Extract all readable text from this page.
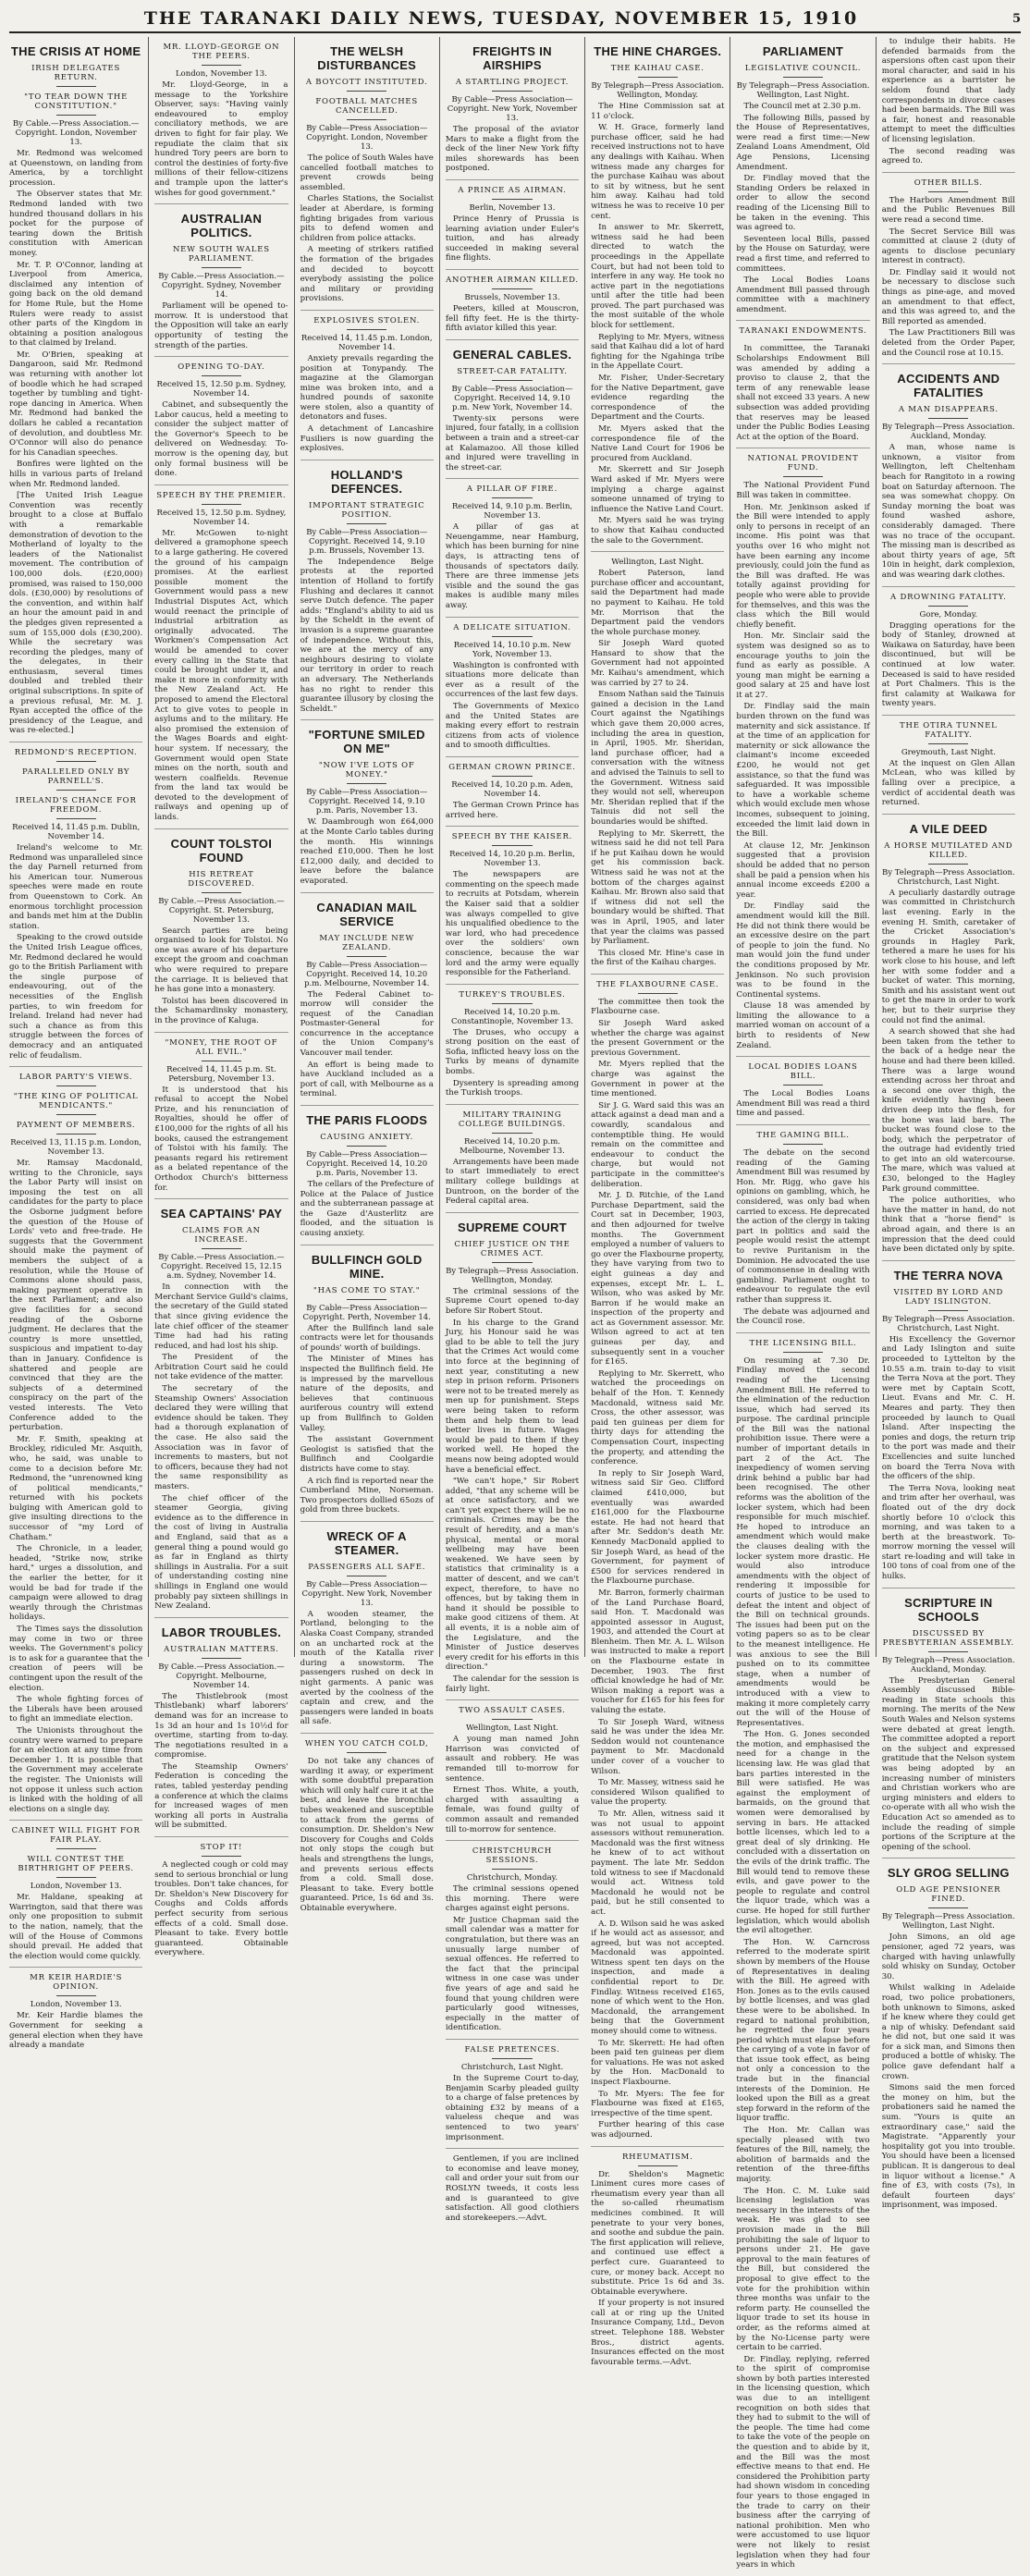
THE TARANAKI DAILY NEWS, TUESDAY, NOVEMBER 15, 1910	5
THE CRISIS AT HOME
IRISH DELEGATES RETURN.
"TO TEAR DOWN THE CONSTITUTION."
By Cable.—Press Association.—Copyright. London, November 13.

Mr. Redmond was welcomed at Queenstown, on landing from America, by a torchlight procession.

The Observer states that Mr. Redmond landed with two hundred thousand dollars in his pocket for the purpose of tearing down the British constitution with American money.

Mr. T. P. O'Connor, landing at Liverpool from America, disclaimed any intention of going back on the old demand for Home Rule, but the Home Rulers were ready to assist other parts of the Kingdom in obtaining a position analogous to that claimed by Ireland.

Mr. O'Brien, speaking at Dangaroon, said Mr. Redmond was returning with another lot of boodle which he had scraped together by tumbling and tight-rope dancing in America. When Mr. Redmond had banked the dollars he cabled a recantation of devolution, and doubtless Mr. O'Connor will also do penance for his Canadian speeches.

Bonfires were lighted on the hills in various parts of Ireland when Mr. Redmond landed.

[The United Irish League Convention was recently brought to a close at Buffalo with a remarkable demonstration of devotion to the Motherland of loyalty to the leaders of the Nationalist movement. The contribution of 100,000 dols. (£20,000) promised, was raised to 150,000 dols. (£30,000) by resolutions of the convention, and within half an hour the amount paid in and the pledges given represented a sum of 155,000 dols (£30,200). While the secretary was recording the pledges, many of the delegates, in their enthusiasm, several times doubled and trebled their original subscriptions. In spite of a previous refusal, Mr. M. J. Ryan accepted the office of the presidency of the League, and was re-elected.]

REDMOND'S RECEPTION.
PARALLELED ONLY BY PARNELL'S.
IRELAND'S CHANCE FOR FREEDOM.
Received 14, 11.45 p.m. Dublin, November 14.

Ireland's welcome to Mr. Redmond was unparalleled since the day Parnell returned from his American tour. Numerous speeches were made en route from Queenstown to Cork. An enormous torchlight procession and bands met him at the Dublin station.

Speaking to the crowd outside the United Irish League offices, Mr. Redmond declared he would go to the British Parliament with the single purpose of endeavouring, out of the necessities of the English parties, to win freedom for Ireland. Ireland had never had such a chance as from this struggle between the forces of democracy and an antiquated relic of feudalism.

LABOR PARTY'S VIEWS.
"THE KING OF POLITICAL MENDICANTS."
PAYMENT OF MEMBERS.
Received 13, 11.15 p.m. London, November 13.

Mr. Ramsay Macdonald, writing to the Chronicle, says the Labor Party will insist on imposing the test on all candidates for the party to place the Osborne judgment before the question of the House of Lords' veto and free-trade. He suggests that the Government should make the payment of members the subject of a resolution, while the House of Commons alone should pass, making payment operative in the next Parliament; and also give facilities for a second reading of the Osborne judgment. He declares that the country is more unsettled, suspicious and impatient to-day than in January. Confidence is shattered and people are convinced that they are the subjects of a determined conspiracy on the part of the vested interests. The Veto Conference added to the perturbation.

Mr. F. Smith, speaking at Brockley, ridiculed Mr. Asquith, who, he said, was unable to come to a decision before Mr. Redmond, the "unrenowned king of political mendicants," returned with his pockets bulging with American gold to give insulting directions to the successor of "my Lord of Chatham."

The Chronicle, in a leader, headed, "Strike now, strike hard," urges a dissolution, and the earlier the better, for it would be bad for trade if the campaign were allowed to drag wearily through the Christmas holidays.

The Times says the dissolution may come in two or three weeks. The Government's policy is to ask for a guarantee that the creation of peers will be contingent upon the result of the election.

The whole fighting forces of the Liberals have been aroused to fight an immediate election.

The Unionists throughout the country were warned to prepare for an election at any time from December 1. It is possible that the Government may accelerate the register. The Unionists will not oppose it unless such action is linked with the holding of all elections on a single day.

CABINET WILL FIGHT FOR FAIR PLAY.
WILL CONTEST THE BIRTHRIGHT OF PEERS.
London, November 13.

Mr. Haldane, speaking at Warrington, said that there was only one proposition to submit to the nation, namely, that the will of the House of Commons should prevail. He added that the election would come quickly.

MR KEIR HARDIE'S OPINION.
London, November 13.

Mr. Keir Hardie blames the Government for seeking a general election when they have already a mandate

MR. LLOYD-GEORGE ON THE PEERS.
London, November 13.

Mr. Lloyd-George, in a message to the Yorkshire Observer, says: "Having vainly endeavoured to employ conciliatory methods, we are driven to fight for fair play. We repudiate the claim that six hundred Tory peers are born to control the destinies of forty-five millions of their fellow-citizens and trample upon the latter's wishes for good government."

AUSTRALIAN POLITICS.
NEW SOUTH WALES PARLIAMENT.
By Cable.—Press Association.—Copyright. Sydney, November 14.

Parliament will be opened to-morrow. It is understood that the Opposition will take an early opportunity of testing the strength of the parties.

OPENING TO-DAY.
Received 15, 12.50 p.m. Sydney, November 14.

Cabinet, and subsequently the Labor caucus, held a meeting to consider the subject matter of the Governor's Speech to be delivered on Wednesday. To-morrow is the opening day, but only formal business will be done.

SPEECH BY THE PREMIER.
Received 15, 12.50 p.m. Sydney, November 14.

Mr. McGowen to-night delivered a gramophone speech to a large gathering. He covered the ground of his campaign promises. At the earliest possible moment the Government would pass a new Industrial Disputes Act, which would reenact the principle of industrial arbitration as originally advocated. The Workmen's Compensation Act would be amended to cover every calling in the State that could be brought under it, and make it more in conformity with the New Zealand Act. He proposed to amend the Electoral Act to give votes to people in asylums and to the military. He also promised the extension of the Wages Boards and eight-hour system. If necessary, the Government would open State mines on the north, south and western coalfields. Revenue from the land tax would be devoted to the development of railways and opening up of lands.

COUNT TOLSTOI FOUND
HIS RETREAT DISCOVERED.
By Cable.—Press Association.—Copyright. St. Petersburg, November 13.

Search parties are being organised to look for Tolstoi. No one was aware of his departure except the groom and coachman who were required to prepare the carriage. It is believed that he has gone into a monastery.

Tolstoi has been discovered in the Schamardinsky monastery, in the province of Kaluga.

"MONEY, THE ROOT OF ALL EVIL."
Received 14, 11.45 p.m. St. Petersburg, November 13.

It is understood that his refusal to accept the Nobel Prize, and his renunciation of Royalties, should he offer of £100,000 for the rights of all his books, caused the estrangement of Tolstoi with his family. The peasants regard his retirement as a belated repentance of the Orthodox Church's bitterness for.

SEA CAPTAINS' PAY
CLAIMS FOR AN INCREASE.
By Cable.—Press Association.—Copyright. Received 15, 12.15 a.m. Sydney, November 14.

In connection with the Merchant Service Guild's claims, the secretary of the Guild stated that since giving evidence the late chief officer of the steamer Time had had his rating reduced, and had lost his ship.

The President of the Arbitration Court said he could not take evidence of the matter.

The secretary of the Steamship Owners' Association declared they were willing that evidence should be taken. They had a thorough explanation of the case. He also said the Association was in favor of increments to masters, but not to officers, because they had not the same responsibility as masters.

The chief officer of the steamer Georgia, giving evidence as to the difference in the cost of living in Australia and England, said that as a general thing a pound would go as far in England as thirty shillings in Australia. For a suit of understanding costing nine shillings in England one would probably pay sixteen shillings in New Zealand.

LABOR TROUBLES.
AUSTRALIAN MATTERS.
By Cable.—Press Association.—Copyright. Melbourne, November 14.

The Thistlebrook (most Thistlebank) wharf laborers' demand was for an increase to 1s 3d an hour and 1s 10½d for overtime, starting from to-day. The negotiations resulted in a compromise.

The Steamship Owners' Federation is conceding the rates, tabled yesterday pending a conference at which the claims for increased wages of men working all ports in Australia will be submitted.

STOP IT!

A neglected cough or cold may send to serious bronchial or lung troubles. Don't take chances, for Dr. Sheldon's New Discovery for Coughs and Colds affords perfect security from serious effects of a cold. Small dose. Pleasant to take. Every bottle guaranteed. Obtainable everywhere.

THE WELSH DISTURBANCES
A BOYCOTT INSTITUTED.
FOOTBALL MATCHES CANCELLED.
By Cable—Press Association—Copyright. London, November 13.

The police of South Wales have cancelled football matches to prevent crowds being assembled.

Charles Stations, the Socialist leader at Aberdare, is forming fighting brigades from various pits to defend women and children from police attacks.

A meeting of strikers ratified the formation of the brigades and decided to boycott everybody assisting the police and military or providing provisions.

EXPLOSIVES STOLEN.
Received 14, 11.45 p.m. London, November 14.

Anxiety prevails regarding the position at Tonypandy. The magazine at the Glamorgan mine was broken into, and a hundred pounds of saxonite were stolen, also a quantity of detonators and fuses.

A detachment of Lancashire Fusiliers is now guarding the explosives.

HOLLAND'S DEFENCES.
IMPORTANT STRATEGIC POSITION.
By Cable—Press Association—Copyright. Received 14, 9.10 p.m. Brussels, November 13.

The Independence Belge protests at the reported intention of Holland to fortify Flushing and declares it cannot serve Dutch defence. The paper adds: "England's ability to aid us by the Scheldt in the event of invasion is a supreme guarantee of independence. Without this, we are at the mercy of any neighbours desiring to violate our territory in order to reach an adversary. The Netherlands has no right to render this guarantee illusory by closing the Scheldt."

"FORTUNE SMILED ON ME"
"NOW I'VE LOTS OF MONEY."
By Cable—Press Association—Copyright. Received 14, 9.10 p.m. Paris, November 13.

W. Daambrough won £64,000 at the Monte Carlo tables during the month. His winnings reached £10,000. Then he lost £12,000 daily, and decided to leave before the balance evaporated.

CANADIAN MAIL SERVICE
MAY INCLUDE NEW ZEALAND.
By Cable—Press Association—Copyright. Received 14, 10.20 p.m. Melbourne, November 14.

The Federal Cabinet to-morrow will consider the request of the Canadian Postmaster-General for concurrence in the acceptance of the Union Company's Vancouver mail tender.

An effort is being made to have Auckland included as a port of call, with Melbourne as a terminal.

THE PARIS FLOODS
CAUSING ANXIETY.
By Cable—Press Association—Copyright. Received 14, 10.20 p.m. Paris, November 13.

The cellars of the Prefecture of Police at the Palace of Justice and the subterranean passage at the Gaze d'Austerlitz are flooded, and the situation is causing anxiety.

BULLFINCH GOLD MINE.
"HAS COME TO STAY."
By Cable—Press Association—Copyright. Perth, November 14.

After the Bullfinch land sale contracts were let for thousands of pounds' worth of buildings.

The Minister of Mines has inspected the Bullfinch field. He is impressed by the marvellous nature of the deposits, and believes that continuous auriferous country will extend up from Bullfinch to Golden Valley.

The assistant Government Geologist is satisfied that the Bullfinch and Coolgardie districts have come to stay.

A rich find is reported near the Cumberland Mine, Norseman. Two prospectors dollied 65ozs of gold from three buckets.

WRECK OF A STEAMER.
PASSENGERS ALL SAFE.
By Cable—Press Association—Copyright. New York, November 13.

A wooden steamer, the Portland, belonging to the Alaska Coast Company, stranded on an uncharted rock at the mouth of the Katalla river during a snowstorm. The passengers rushed on deck in night garments. A panic was averted by the coolness of the captain and crew, and the passengers were landed in boats all safe.

WHEN YOU CATCH COLD,

Do not take any chances of warding it away, or experiment with some doubtful preparation which will only half cure it at the best, and leave the bronchial tubes weakened and susceptible to attack from the germs of consumption. Dr. Sheldon's New Discovery for Coughs and Colds not only stops the cough but heals and strengthens the lungs, and prevents serious effects from a cold. Small dose. Pleasant to take. Every bottle guaranteed. Price, 1s 6d and 3s. Obtainable everywhere.

FREIGHTS IN AIRSHIPS
A STARTLING PROJECT.
By Cable—Press Association—Copyright. New York, November 13.

The proposal of the aviator Mars to make a flight from the deck of the liner New York fifty miles shorewards has been postponed.

A PRINCE AS AIRMAN.
Berlin, November 13.

Prince Henry of Prussia is learning aviation under Euler's tuition, and has already succeeded in making several fine flights.

ANOTHER AIRMAN KILLED.
Brussels, November 13.

Peeters, killed at Mouscron, fell fifty feet. He is the thirty-fifth aviator killed this year.

GENERAL CABLES.
STREET-CAR FATALITY.
By Cable—Press Association—Copyright. Received 14, 9.10 p.m. New York, November 14.

Twenty-six persons were injured, four fatally, in a collision between a train and a street-car at Kalamazoo. All those killed and injured were travelling in the street-car.

A PILLAR OF FIRE.
Received 14, 9.10 p.m. Berlin, November 13.

A pillar of gas at Neuengamme, near Hamburg, which has been burning for nine days, is attracting tens of thousands of spectators daily. There are three immense jets visible and the sound the gas makes is audible many miles away.

A DELICATE SITUATION.
Received 14, 10.10 p.m. New York, November 13.

Washington is confronted with situations more delicate than ever as a result of the occurrences of the last few days.

The Governments of Mexico and the United States are making every effort to restrain citizens from acts of violence and to smooth difficulties.

GERMAN CROWN PRINCE.
Received 14, 10.20 p.m. Aden, November 14.

The German Crown Prince has arrived here.

SPEECH BY THE KAISER.
Received 14, 10.20 p.m. Berlin, November 13.

The newspapers are commenting on the speech made to recruits at Potsdam, wherein the Kaiser said that a soldier was always compelled to give his unqualified obedience to the war lord, who had precedence over the soldiers' own conscience, because the war lord and the army were equally responsible for the Fatherland.

TURKEY'S TROUBLES.
Received 14, 10.20 p.m. Constantinople, November 13.

The Druses, who occupy a strong position on the east of Sofia, inflicted heavy loss on the Turks by means of dynamite bombs.

Dysentery is spreading among the Turkish troops.

MILITARY TRAINING COLLEGE BUILDINGS.
Received 14, 10.20 p.m. Melbourne, November 13.

Arrangements have been made to start immediately to erect military college buildings at Duntroon, on the border of the Federal capital area.

SUPREME COURT
CHIEF JUSTICE ON THE CRIMES ACT.
By Telegraph—Press Association. Wellington, Monday.

The criminal sessions of the Supreme Court opened to-day before Sir Robert Stout.

In his charge to the Grand Jury, his Honour said he was glad to be able to tell the jury that the Crimes Act would come into force at the beginning of next year, constituting a new step in prison reform. Prisoners were not to be treated merely as men up for punishment. Steps were being taken to reform them and help them to lead better lives in future. Wages would be paid to them if they worked well. He hoped the means now being adopted would have a beneficial effect.

"We can't hope," Sir Robert added, "that any scheme will be at once satisfactory, and we can't yet expect there will be no criminals. Crimes may be the result of heredity, and a man's physical, mental or moral wellbeing may have been weakened. We have seen by statistics that criminality is a matter of descent, and we can't expect, therefore, to have no offences, but by taking them in hand it should be possible to make good citizens of them. At all events, it is a noble aim of the Legislature, and the Minister of Justice deserves every credit for his efforts in this direction."

The calendar for the session is fairly light.

TWO ASSAULT CASES.
Wellington, Last Night.

A young man named John Harrison was convicted of assault and robbery. He was remanded till to-morrow for sentence.

Ernest Thos. White, a youth, charged with assaulting a female, was found guilty of common assault and remanded till to-morrow for sentence.

CHRISTCHURCH SESSIONS.
Christchurch, Monday.

The criminal sessions opened this morning. There were charges against eight persons.

Mr Justice Chapman said the small calendar was a matter for congratulation, but there was an unusually large number of sexual offences. He referred to the fact that the principal witness in one case was under five years of age and said he found that young children were particularly good witnesses, especially in the matter of identification.

FALSE PRETENCES.
Christchurch, Last Night.

In the Supreme Court to-day, Benjamin Scarby pleaded guilty to a charge of false pretences by obtaining £32 by means of a valueless cheque and was sentenced to two years' imprisonment.

Gentlemen, if you are inclined to economise and leave money, call and order your suit from our ROSLYN tweeds, it costs less and is guaranteed to give satisfaction. All good clothiers and storekeepers.—Advt.

THE HINE CHARGES.
THE KAIHAU CASE.
By Telegraph—Press Association. Wellington, Monday.

The Hine Commission sat at 11 o'clock.

W. H. Grace, formerly land purchase officer, said he had received instructions not to have any dealings with Kaihau. When witness made any charges for the purchase Kaihau was about to sit by witness, but he sent him away. Kaihau had told witness he was to receive 10 per cent.

In answer to Mr. Skerrett, witness said he had been directed to watch the proceedings in the Appellate Court, but had not been told to interfere in any way. He took no active part in the negotiations until after the title had been proved. The part purchased was the most suitable of the whole block for settlement.

Replying to Mr. Myers, witness said that Kaihau did a lot of hard fighting for the Ngahinga tribe in the Appellate Court.

Mr. Fisher, Under-Secretary for the Native Department, gave evidence regarding the correspondence of the Department and the Courts.

Mr. Myers asked that the correspondence file of the Native Land Court for 1906 be procured from Auckland.

Mr. Skerrett and Sir Joseph Ward asked if Mr. Myers were implying a charge against someone unnamed of trying to influence the Native Land Court.

Mr. Myers said he was trying to show that Kaihau conducted the sale to the Government.

Wellington, Last Night.

Robert Paterson, land purchase officer and accountant, said the Department had made no payment to Kaihau. He told Mr. Morrison that the Department paid the vendors the whole purchase money.

Sir Joseph Ward quoted Hansard to show that the Government had not appointed Mr. Kaihau's amendment, which was carried by 27 to 24.

Ensom Nathan said the Tainuis gained a decision in the Land Court against the Ngatihings which gave them 20,000 acres, including the area in question, in April, 1905. Mr. Sheridan, land purchase officer, had a conversation with the witness and advised the Tainuis to sell to the Government. Witness said they would not sell, whereupon Mr. Sheridan replied that if the Tainuis did not sell the boundaries would be shifted.

Replying to Mr. Skerrett, the witness said he did not tell Para if he put Kaihau down he would get his commission back. Witness said he was not at the bottom of the charges against Kaihau. Mr. Brown also said that if witness did not sell the boundary would be shifted. That was in April, 1905, and later that year the claims was passed by Parliament.

This closed Mr. Hine's case in the first of the Kaihau charges.

THE FLAXBOURNE CASE.

The committee then took the Flaxbourne case.

Sir Joseph Ward asked whether the charge was against the present Government or the previous Government.

Mr. Myers replied that the charge was against the Government in power at the time mentioned.

Sir J. G. Ward said this was an attack against a dead man and a cowardly, scandalous and contemptible thing. He would remain on the committee and endeavour to conduct the charge, but would not participate in the committee's deliberation.

Mr. J. D. Ritchie, of the Land Purchase Department, said the Court sat in December, 1903, and then adjourned for twelve months. The Government employed a number of valuers to go over the Flaxbourne property, they have varying from two to eight guineas a day and expenses, except Mr. L. L. Wilson, who was asked by Mr. Barron if he would make an inspection of the property and act as Government assessor. Mr. Wilson agreed to act at ten guineas per day, and subsequently sent in a voucher for £165.

Replying to Mr. Skerrett, who watched the proceedings on behalf of the Hon. T. Kennedy Macdonald, witness said Mr. Cross, the other assessor, was paid ten guineas per diem for thirty days for attending the Compensation Court, inspecting the property, and attending the conference.

In reply to Sir Joseph Ward, witness said Sir Geo. Clifford claimed £410,000, but eventually was awarded £161,000 for the Flaxbourne estate. He had not heard that after Mr. Seddon's death Mr. Kennedy MacDonald applied to Sir Joseph Ward, as head of the Government, for payment of £500 for services rendered in the Flaxbourne purchase.

Mr. Barron, formerly chairman of the Land Purchase Board, said Hon. T. Macdonald was appointed assessor in August, 1903, and attended the Court at Blenheim. Then Mr. A. L. Wilson was instructed to make a report on the Flaxbourne estate in December, 1903. The first official knowledge he had of Mr. Wilson making a report was a voucher for £165 for his fees for valuing the estate.

To Sir Joseph Ward, witness said he was under the idea Mr. Seddon would not countenance payment to Mr. Macdonald under cover of a voucher to Wilson.

To Mr. Massey, witness said he considered Wilson qualified to value the property.

To Mr. Allen, witness said it was not usual to appoint assessors without remuneration. Macdonald was the first witness he knew of to act without payment. The late Mr. Seddon told witness to see if Macdonald would act. Witness told Macdonald he would not be paid, but he still consented to act.

A. D. Wilson said he was asked if he would act as assessor, and agreed, but was not accepted. Macdonald was appointed. Witness spent ten days on the inspection, and made a confidential report to Dr. Findlay. Witness received £165, none of which went to the Hon. Macdonald, the arrangement being that the Government money should come to witness.

To Mr. Skerrett: He had often been paid ten guineas per diem for valuations. He was not asked by the Hon. MacDonald to inspect Flaxbourne.

To Mr. Myers: The fee for Flaxbourne was fixed at £165, irrespective of the time spent.

Further hearing of this case was adjourned.

RHEUMATISM.

Dr. Sheldon's Magnetic Liniment cures more cases of rheumatism every year than all the so-called rheumatism medicines combined. It will penetrate to your very bones, and soothe and subdue the pain. The first application will relieve, and continued use effect a perfect cure. Guaranteed to cure, or money back. Accept no substitute. Price 1s 6d and 3s. Obtainable everywhere.

If your property is not insured call at or ring up the United Insurance Company, Ltd., Devon street. Telephone 188. Webster Bros., district agents. Insurances effected on the most favourable terms.—Advt.

PARLIAMENT
LEGISLATIVE COUNCIL.
By Telegraph—Press Association. Wellington, Last Night.

The Council met at 2.30 p.m.

The following Bills, passed by the House of Representatives, were read a first time:—New Zealand Loans Amendment, Old Age Pensions, Licensing Amendment.

Dr. Findlay moved that the Standing Orders be relaxed in order to allow the second reading of the Licensing Bill to be taken in the evening. This was agreed to.

Seventeen local Bills, passed by the House on Saturday, were read a first time, and referred to committees.

The Local Bodies Loans Amendment Bill passed through committee with a machinery amendment.

TARANAKI ENDOWMENTS.

In committee, the Taranaki Scholarships Endowment Bill was amended by adding a proviso to clause 2, that the term of any renewable lease shall not exceed 33 years. A new subsection was added providing that reserves may be leased under the Public Bodies Leasing Act at the option of the Board.

NATIONAL PROVIDENT FUND.

The National Provident Fund Bill was taken in committee.

Hon. Mr. Jenkinson asked if the Bill were intended to apply only to persons in receipt of an income. His point was that youths over 16 who might not have been earning any income previously, could join the fund as the Bill was drafted. He was totally against providing for people who were able to provide for themselves, and this was the class which the Bill would chiefly benefit.

Hon. Mr. Sinclair said the system was designed so as to encourage youths to join the fund as early as possible. A young man might be earning a good salary at 25 and have lost it at 27.

Dr. Findlay said the main burden thrown on the fund was maternity and sick assistance. If at the time of an application for maternity or sick allowance the claimant's income exceeded £200, he would not get assistance, so that the fund was safeguarded. It was impossible to have a workable scheme which would exclude men whose incomes, subsequent to joining, exceeded the limit laid down in the Bill.

At clause 12, Mr. Jenkinson suggested that a provision should be added that no person shall be paid a pension when his annual income exceeds £200 a year.

Dr. Findlay said the amendment would kill the Bill. He did not think there would be an excessive desire on the part of people to join the fund. No man would join the fund under the conditions proposed by Mr. Jenkinson. No such provision was to be found in the Continental systems.

Clause 18 was amended by limiting the allowance to a married woman on account of a birth to residents of New Zealand.

LOCAL BODIES LOANS BILL.

The Local Bodies Loans Amendment Bill was read a third time and passed.

THE GAMING BILL.

The debate on the second reading of the Gaming Amendment Bill was resumed by Hon. Mr. Rigg, who gave his opinions on gambling, which, he considered, was only bad when carried to excess. He deprecated the action of the clergy in taking part in politics and said the people would resist the attempt to revive Puritanism in the Dominion. He advocated the use of commonsense in dealing with gambling. Parliament ought to endeavour to regulate the evil rather than suppress it.

The debate was adjourned and the Council rose.

THE LICENSING BILL.

On resuming at 7.30 Dr. Findlay moved the second reading of the Licensing Amendment Bill. He referred to the elimination of the reduction issue, which had served its purpose. The cardinal principle of the Bill was the national prohibition issue. There were a number of important details in part 2 of the Act. The inexpediency of women serving drink behind a public bar had been recognised. The other reforms was the abolition of the locker system, which had been responsible for much mischief. He hoped to introduce an amendment which would make the clauses dealing with the locker system more drastic. He would also introduce amendments with the object of rendering it impossible for courts of justice to be used to defeat the intent and object of the Bill on technical grounds. The issues had been put on the voting papers so as to be clear to the meanest intelligence. He was anxious to see the Bill pushed on to its committee stage, when a number of amendments would be introduced with a view to making it more completely carry out the will of the House of Representatives.

The Hon. G. Jones seconded the motion, and emphasised the need for a change in the licensing law. He was glad that bars parties interested in the Bill were satisfied. He was against the employment of barmaids, on the ground that women were demoralised by serving in bars. He attacked bottle licenses, which led to a great deal of sly drinking. He concluded with a dissertation on the evils of the drink traffic. The Bill would tend to remove these evils, and gave power to the people to regulate and control the liquor trade, which was a curse. He hoped for still further legislation, which would abolish the evil altogether.

The Hon. W. Carncross referred to the moderate spirit shown by members of the House of Representatives in dealing with the Bill. He agreed with Hon. Jones as to the evils caused by bottle licenses, and was glad these were to be abolished. In regard to national prohibition, he regretted the four years period which must elapse before the carrying of a vote in favor of that issue took effect, as being not only a concession to the trade but in the financial interests of the Dominion. He looked upon the Bill as a great step forward in the reform of the liquor traffic.

The Hon. Mr. Callan was specially pleased with two features of the Bill, namely, the abolition of barmaids and the retention of the three-fifths majority.

The Hon. C. M. Luke said licensing legislation was necessary in the interests of the weak. He was glad to see provision made in the Bill prohibiting the sale of liquor to persons under 21. He gave approval to the main features of the Bill, but considered the proposal to give effect to the vote for the prohibition within three months was unfair to the reform party. He counselled the liquor trade to set its house in order, as the reforms aimed at by the No-License party were certain to be carried.

Dr. Findlay, replying, referred to the spirit of compromise shown by both parties interested in the licensing question, which was due to an intelligent recognition on both sides that they had to submit to the will of the people. The time had come to take the vote of the people on the question and to abide by it, and the Bill was the most effective means to that end. He considered the Prohibition party had shown wisdom in conceding four years to those engaged in the trade to carry on their business after the carrying of national prohibition. Men who were accustomed to use liquor were not likely to resist legislation when they had four years in which

to indulge their habits. He defended barmaids from the aspersions often cast upon their moral character, and said in his experience as a barrister he seldom found that lady correspondents in divorce cases had been barmaids. The Bill was a fair, honest and reasonable attempt to meet the difficulties of licensing legislation.

The second reading was agreed to.

OTHER BILLS.

The Harbors Amendment Bill and the Public Revenues Bill were read a second time.

The Secret Service Bill was committed at clause 2 (duty of agents to disclose pecuniary interest in contract).

Dr. Findlay said it would not be necessary to disclose such things as pine-age, and moved an amendment to that effect, and this was agreed to, and the Bill reported as amended.

The Law Practitioners Bill was deleted from the Order Paper, and the Council rose at 10.15.

ACCIDENTS AND FATALITIES
A MAN DISAPPEARS.
By Telegraph—Press Association. Auckland, Monday.

A man, whose name is unknown, a visitor from Wellington, left Cheltenham beach for Rangitoto in a rowing boat on Saturday afternoon. The sea was somewhat choppy. On Sunday morning the boat was found washed ashore, considerably damaged. There was no trace of the occupant. The missing man is described as about thirty years of age, 5ft 10in in height, dark complexion, and was wearing dark clothes.

A DROWNING FATALITY.
Gore, Monday.

Dragging operations for the body of Stanley, drowned at Waikawa on Saturday, have been discontinued, but will be continued at low water. Deceased is said to have resided at Port Chalmers. This is the first calamity at Waikawa for twenty years.

THE OTIRA TUNNEL FATALITY.
Greymouth, Last Night.

At the inquest on Glen Allan McLean, who was killed by falling over a precipice, a verdict of accidental death was returned.

A VILE DEED
A HORSE MUTILATED AND KILLED.
By Telegraph—Press Association. Christchurch, Last Night.

A peculiarly dastardly outrage was committed in Christchurch last evening. Early in the evening H. Smith, caretaker of the Cricket Association's grounds in Hagley Park, tethered a mare he uses for his work close to his house, and left her with some fodder and a bucket of water. This morning, Smith and his assistant went out to get the mare in order to work her, but to their surprise they could not find the animal.

A search showed that she had been taken from the tether to the back of a hedge near the house and had there been killed. There was a large wound extending across her throat and a second one over thigh, the knife evidently having been driven deep into the flesh, for the bone was laid bare. The bucket was found close to the body, which the perpetrator of the outrage had evidently tried to get into an old watercourse. The mare, which was valued at £30, belonged to the Hagley Park ground committee.

The police authorities, who have the matter in hand, do not think that a "horse fiend" is abroad again, and there is an impression that the deed could have been dictated only by spite.

THE TERRA NOVA
VISITED BY LORD AND LADY ISLINGTON.
By Telegraph—Press Association. Christchurch, Last Night.

His Excellency the Governor and Lady Islington and suite proceeded to Lyttelton by the 10.55 a.m. train to-day to visit the Terra Nova at the port. They were met by Captain Scott, Lieut. Evans and Mr. C. H. Meares and party. They then proceeded by launch to Quail Island. After inspecting the ponies and dogs, the return trip to the port was made and their Excellencies and suite lunched on board the Terra Nova with the officers of the ship.

The Terra Nova, looking neat and trim after her overhaul, was floated out of the dry dock shortly before 10 o'clock this morning, and was taken to a berth at the breastwork. To-morrow morning the vessel will start re-loading and will take in 100 tons of coal from one of the hulks.

SCRIPTURE IN SCHOOLS
DISCUSSED BY PRESBYTERIAN ASSEMBLY.
By Telegraph—Press Association. Auckland, Monday.

The Presbyterian General Assembly discussed Bible-reading in State schools this morning. The merits of the New South Wales and Nelson systems were debated at great length. The committee adopted a report on the subject and expressed gratitude that the Nelson system was being adopted by an increasing number of ministers and Christian workers who are urging ministers and elders to co-operate with all who wish the Education Act so amended as to include the reading of simple portions of the Scripture at the opening of the school.

SLY GROG SELLING
OLD AGE PENSIONER FINED.
By Telegraph—Press Association. Wellington, Last Night.

John Simons, an old age pensioner, aged 72 years, was charged with having unlawfully sold whisky on Sunday, October 30.

Whilst walking in Adelaide road, two police probationers, both unknown to Simons, asked if he knew where they could get a nip of whisky. Defendant said he did not, but one said it was for a sick man, and Simons then produced a bottle of whisky. The police gave defendant half a crown.

Simons said the men forced the money on him, but the probationers said he named the sum. "Yours is quite an extraordinary case," said the Magistrate. "Apparently your hospitality got you into trouble. You should have been a licensed publican. It is dangerous to deal in liquor without a license." A fine of £3, with costs (7s), in default fourteen days' imprisonment, was imposed.
